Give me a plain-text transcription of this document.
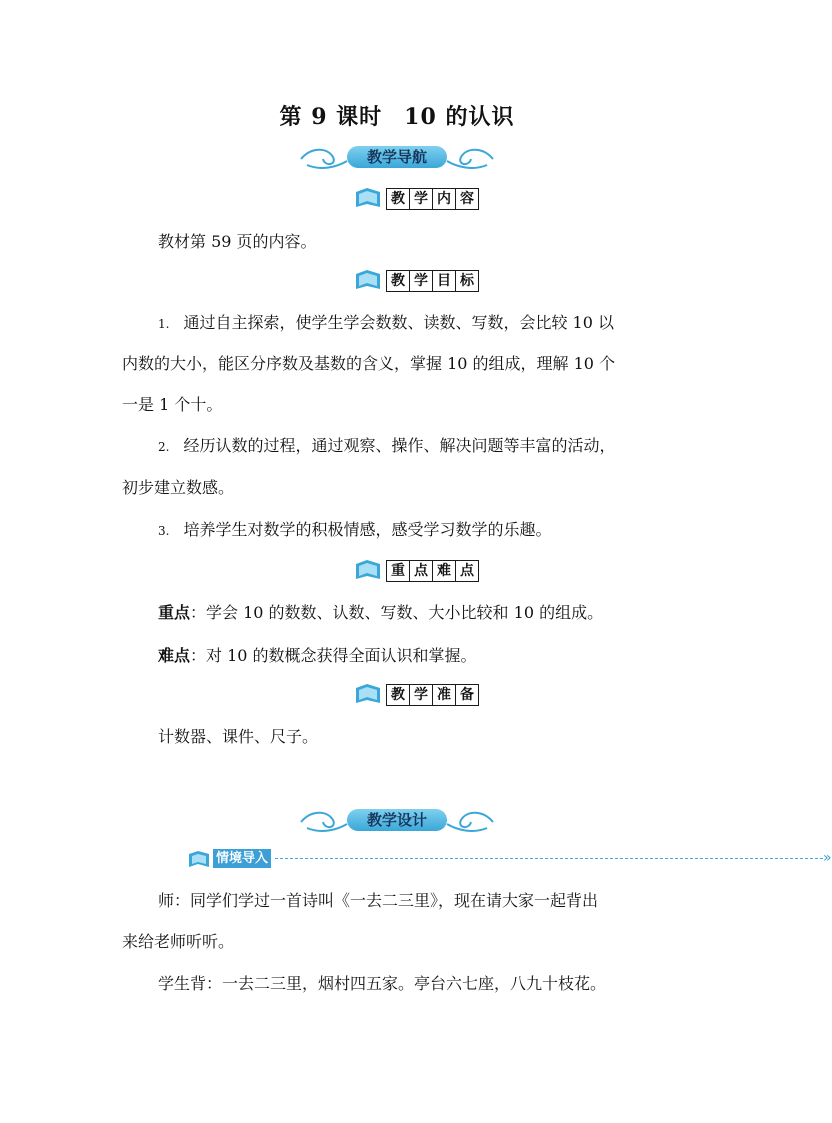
第 9 课时 10 的认识
教学导航
教 学 内 容
教材第 59 页的内容。
教 学 目 标
1. 通过自主探索，使学生学会数数、读数、写数，会比较 10 以
内数的大小，能区分序数及基数的含义，掌握 10 的组成，理解 10 个
一是 1 个十。
2. 经历认数的过程，通过观察、操作、解决问题等丰富的活动，
初步建立数感。
3. 培养学生对数学的积极情感，感受学习数学的乐趣。
重 点 难 点
重点：学会 10 的数数、认数、写数、大小比较和 10 的组成。
难点：对 10 的数概念获得全面认识和掌握。
教 学 准 备
计数器、课件、尺子。
教学设计
情境导入	»
师：同学们学过一首诗叫《一去二三里》，现在请大家一起背出
来给老师听听。
学生背：一去二三里，烟村四五家。亭台六七座，八九十枝花。
